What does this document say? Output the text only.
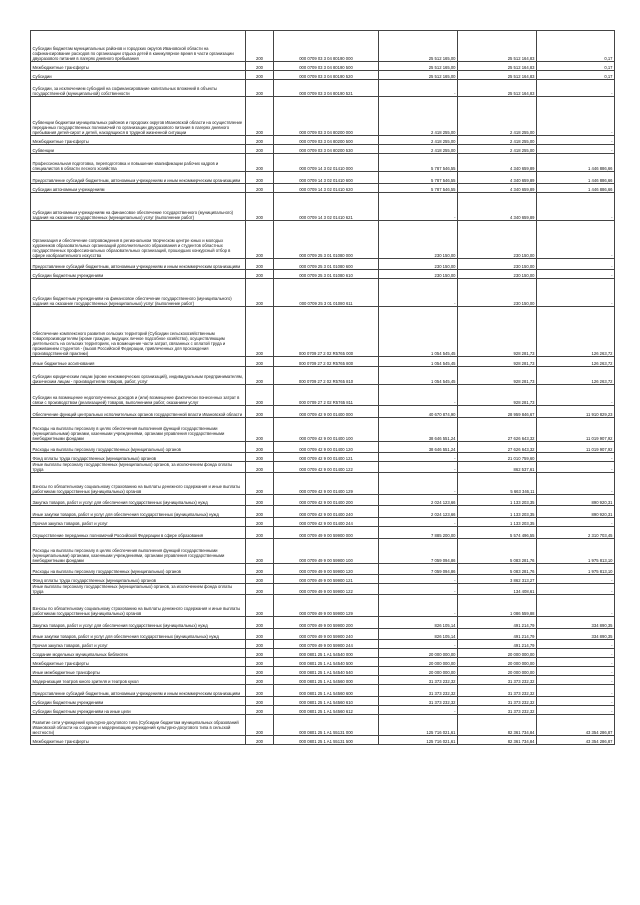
Субсидии бюджетам муниципальных районов и городских округов Ивановской области на софинансирование расходов по организации отдыха детей в каникулярное время в части организации двухразового питания в лагерях дневного пребывания	200	000 0709 03 3 04 80190 000	25 512 165,00	25 512 164,83	0,17
Межбюджетные трансферты	200	000 0709 03 3 04 80190 500	25 512 165,00	25 512 164,83	0,17
Субсидии	200	000 0709 03 3 04 80190 520	25 512 165,00	25 512 164,83	0,17
Субсидии, за исключением субсидий на софинансирование капитальных вложений в объекты государственной (муниципальной) собственности	200	000 0709 03 3 04 80190 521	-	25 512 164,83	-
Субвенции бюджетам муниципальных районов и городских округов Ивановской области на осуществление переданных государственных полномочий по организации двухразового питания в лагерях дневного пребывания детей-сирот и детей, находящихся в трудной жизненной ситуации	200	000 0709 03 3 04 80200 000	2 418 255,00	2 418 255,00	-
Межбюджетные трансферты	200	000 0709 03 3 04 80200 500	2 418 255,00	2 418 255,00	-
Субвенции	200	000 0709 03 3 04 80200 530	2 418 255,00	2 418 255,00	-
Профессиональная подготовка, переподготовка и повышение квалификации рабочих кадров и специалистов в области лесного хозяйства	200	000 0709 14 3 02 01410 000	5 787 546,55	4 340 659,89	1 446 886,66
Предоставление субсидий бюджетным, автономным учреждениям и иным некоммерческим организациям	200	000 0709 14 3 02 01410 600	5 787 546,55	4 340 659,89	1 446 886,66
Субсидии автономным учреждениям	200	000 0709 14 3 02 01410 620	5 787 546,55	4 340 659,89	1 446 886,66
Субсидии автономным учреждениям на финансовое обеспечение государственного (муниципального) задания на оказание государственных (муниципальных) услуг (выполнение работ)	200	000 0709 14 3 02 01410 621	-	4 340 659,89	-
Организация и обеспечение сопровождения в региональном творческом центре юных и молодых художников образовательных организаций дополнительного образования и студентов областных государственных профессиональных образовательных организаций, прошедших конкурсный отбор в сфере изобразительного искусства	200	000 0709 25 3 01 01080 000	230 150,00	230 150,00	-
Предоставление субсидий бюджетным, автономным учреждениям и иным некоммерческим организациям	200	000 0709 25 3 01 01080 600	230 150,00	230 150,00	-
Субсидии бюджетным учреждениям	200	000 0709 25 3 01 01080 610	230 150,00	230 150,00	-
Субсидии бюджетным учреждениям на финансовое обеспечение государственного (муниципального) задания на оказание государственных (муниципальных) услуг (выполнение работ)	200	000 0709 25 3 01 01080 611	-	230 150,00	-
Обеспечение комплексного развития сельских территорий (Субсидии сельскохозяйственным товаропроизводителям (кроме граждан, ведущих личное подсобное хозяйство), осуществляющим деятельность на сельских территориях, на возмещение части затрат, связанных с оплатой труда и проживанием студентов - (вызов Российской Федерации, привлеченных для прохождения производственной практики)	200	000 0709 27 2 02 R5765 000	1 054 545,45	928 281,73	126 263,72
Иные бюджетные ассигнования	200	000 0709 27 2 02 R5765 800	1 054 545,45	928 281,73	126 263,72
Субсидии юридическим лицам (кроме некоммерческих организаций), индивидуальным предпринимателям, физическим лицам - производителям товаров, работ, услуг	200	000 0709 27 2 02 R5765 810	1 054 545,45	928 281,73	126 263,72
Субсидии на возмещение недополученных доходов и (или) возмещение фактически понесенных затрат в связи с производством (реализацией) товаров, выполнением работ, оказанием услуг	200	000 0709 27 2 02 R5765 811	-	928 281,73	-
Обеспечение функций центральных исполнительных органов государственной власти Ивановской области	200	000 0709 42 9 00 01400 000	40 670 874,90	28 959 846,67	11 910 829,23
Расходы на выплаты персоналу в целях обеспечения выполнения функций государственными (муниципальными) органами, казенными учреждениями, органами управления государственными внебюджетными фондами	200	000 0709 42 9 00 01400 100	38 646 551,24	27 626 643,32	11 019 907,92
Расходы на выплаты персоналу государственных (муниципальных) органов	200	000 0709 42 9 00 01400 120	38 646 551,24	27 626 643,32	11 019 907,92
Фонд оплаты труда государственных (муниципальных) органов	200	000 0709 42 9 00 01400 121	-	21 010 759,60	-
Иные выплаты персоналу государственных (муниципальных) органов, за исключением фонда оплаты труда	200	000 0709 42 9 00 01400 122	-	862 537,61	-
Взносы по обязательному социальному страхованию на выплаты денежного содержания и иные выплаты работникам государственных (муниципальных) органов	200	000 0709 42 9 00 01400 129	-	5 663 346,11	-
Закупка товаров, работ и услуг для обеспечения государственных (муниципальных) нужд	200	000 0709 42 9 00 01400 200	2 024 123,66	1 133 203,35	890 920,31
Иные закупки товаров, работ и услуг для обеспечения государственных (муниципальных) нужд	200	000 0709 42 9 00 01400 240	2 024 123,66	1 133 203,35	890 920,31
Прочая закупка товаров, работ и услуг	200	000 0709 42 9 00 01400 244	-	1 133 203,35	-
Осуществление переданных полномочий Российской Федерации в сфере образования	200	000 0709 49 9 00 59900 000	7 885 200,00	5 574 496,55	2 310 703,45
Расходы на выплаты персоналу в целях обеспечения выполнения функций государственными (муниципальными) органами, казенными учреждениями, органами управления государственными внебюджетными фондами	200	000 0709 49 9 00 59900 100	7 059 094,86	5 083 281,76	1 975 813,10
Расходы на выплаты персоналу государственных (муниципальных) органов	200	000 0709 49 9 00 59900 120	7 059 094,86	5 083 281,76	1 975 813,10
Фонд оплаты труда государственных (муниципальных) органов	200	000 0709 49 9 00 59900 121	-	3 862 313,27	-
Иные выплаты персоналу государственных (муниципальных) органов, за исключением фонда оплаты труда	200	000 0709 49 9 00 59900 122	-	134 408,61	-
Взносы по обязательному социальному страхованию на выплаты денежного содержания и иные выплаты работникам государственных (муниципальных) органов	200	000 0709 49 9 00 59900 129	-	1 086 559,88	-
Закупка товаров, работ и услуг для обеспечения государственных (муниципальных) нужд	200	000 0709 49 9 00 59900 200	826 105,14	491 214,79	334 890,35
Иные закупки товаров, работ и услуг для обеспечения государственных (муниципальных) нужд	200	000 0709 49 9 00 59900 240	826 105,14	491 214,79	334 890,35
Прочая закупка товаров, работ и услуг	200	000 0709 49 9 00 59900 244	-	491 214,79	-
Создание модельных муниципальных библиотек	200	000 0801 25 1 A1 54540 000	20 000 000,00	20 000 000,00	-
Межбюджетные трансферты	200	000 0801 25 1 A1 54540 500	20 000 000,00	20 000 000,00	-
Иные межбюджетные трансферты	200	000 0801 25 1 A1 54540 540	20 000 000,00	20 000 000,00	-
Модернизация театров юного зрителя и театров кукол	200	000 0801 25 1 A1 54560 000	31 373 232,32	31 373 232,32	-
Предоставление субсидий бюджетным, автономным учреждениям и иным некоммерческим организациям	200	000 0801 25 1 A1 54560 600	31 373 232,32	31 373 232,32	-
Субсидии бюджетным учреждениям	200	000 0801 25 1 A1 54560 610	31 373 232,32	31 373 232,32	-
Субсидии бюджетным учреждениям на иные цели	200	000 0801 25 1 A1 54560 612	-	31 373 232,32	-
Развитие сети учреждений культурно-досугового типа (Субсидии бюджетам муниципальных образований Ивановской области на создание и модернизацию учреждений культурно-досугового типа в сельской местности)	200	000 0801 25 1 A1 55131 000	125 716 021,61	82 361 734,84	43 354 286,87
Межбюджетные трансферты	200	000 0801 25 1 A1 55131 500	125 716 021,61	82 361 734,84	43 354 286,87
